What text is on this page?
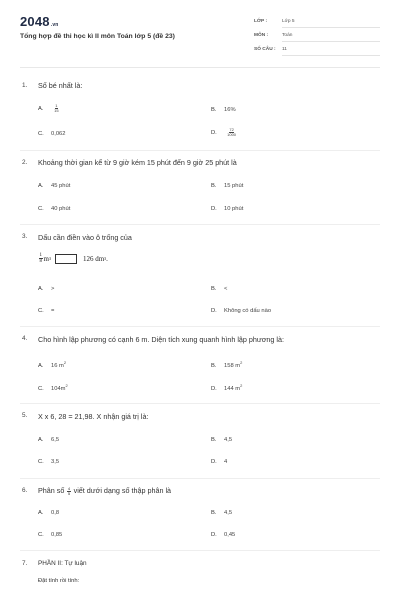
2048.vn
Tổng hợp đề thi học kì II môn Toán lớp 5 (đề 23)
LỚP :	Lớp 5
MÔN :	Toán
SỐ CÂU : 11
1. Số bé nhất là:
A.	$\frac{1}{15}$	B. 16%
C. 0,062	D. $\frac{72}{1000}$
2. Khoảng thời gian kể từ 9 giờ kém 15 phút đến 9 giờ 25 phút là
A. 45 phút	B. 15 phút
C. 40 phút	D. 10 phút
3. Dấu cần điền vào ô trống của
$\frac{1}{8}$ m 3	126 dm 3 .
A. >	B. <
C. =	D. Không có dấu nào
4. Cho hình lập phương có cạnh 6 m. Diện tích xung quanh hình lập phương là:
A. 16 $m^2$
B. 158 $m^2$
C. $104m^2$
D. 144 $m^2$
5. X x 6, 28 = 21,98. X nhận giá trị là:
A. 6,5	B. 4,5
C. 3,5	D. 4
6. Phân số $\frac{4}{5}$ viết dưới dạng số thập phân là
A. 0,8	B. 4,5
C. 0,85	D. 0,45
7. PHẦN II: Tự luận
Đặt tính rồi tính:
